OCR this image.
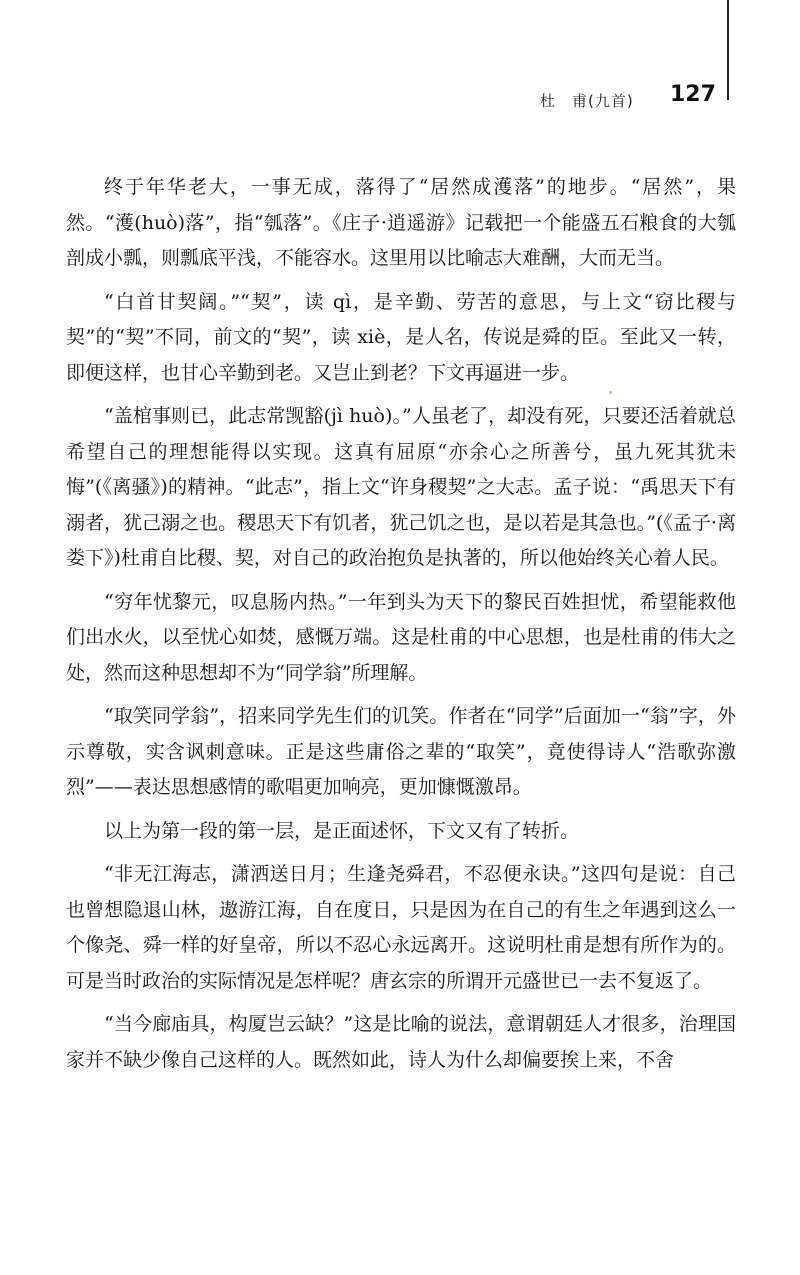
杜　甫(九首) 127

终于年华老大，一事无成，落得了“居然成濩落”的地步。“居然”，果然。“濩(huò)落”，指“瓠落”。《庄子·逍遥游》记载把一个能盛五石粮食的大瓠剖成小瓢，则瓢底平浅，不能容水。这里用以比喻志大难酬，大而无当。

“白首甘契阔。”“契”，读 qì，是辛勤、劳苦的意思，与上文“窃比稷与契”的“契”不同，前文的“契”，读 xiè，是人名，传说是舜的臣。至此又一转，即便这样，也甘心辛勤到老。又岂止到老？下文再逼进一步。

“盖棺事则已，此志常觊豁(jì huò)。”人虽老了，却没有死，只要还活着就总希望自己的理想能得以实现。这真有屈原“亦余心之所善兮，虽九死其犹未悔”(《离骚》)的精神。“此志”，指上文“许身稷契”之大志。孟子说：“禹思天下有溺者，犹己溺之也。稷思天下有饥者，犹己饥之也，是以若是其急也。”(《孟子·离娄下》)杜甫自比稷、契，对自己的政治抱负是执著的，所以他始终关心着人民。

“穷年忧黎元，叹息肠内热。”一年到头为天下的黎民百姓担忧，希望能救他们出水火，以至忧心如焚，感慨万端。这是杜甫的中心思想，也是杜甫的伟大之处，然而这种思想却不为“同学翁”所理解。

“取笑同学翁”，招来同学先生们的讥笑。作者在“同学”后面加一“翁”字，外示尊敬，实含讽刺意味。正是这些庸俗之辈的“取笑”，竟使得诗人“浩歌弥激烈”——表达思想感情的歌唱更加响亮，更加慷慨激昂。

以上为第一段的第一层，是正面述怀，下文又有了转折。

“非无江海志，潇洒送日月；生逢尧舜君，不忍便永诀。”这四句是说：自己也曾想隐退山林，遨游江海，自在度日，只是因为在自己的有生之年遇到这么一个像尧、舜一样的好皇帝，所以不忍心永远离开。这说明杜甫是想有所作为的。可是当时政治的实际情况是怎样呢？唐玄宗的所谓开元盛世已一去不复返了。

“当今廊庙具，构厦岂云缺？”这是比喻的说法，意谓朝廷人才很多，治理国家并不缺少像自己这样的人。既然如此，诗人为什么却偏要挨上来，不舍
